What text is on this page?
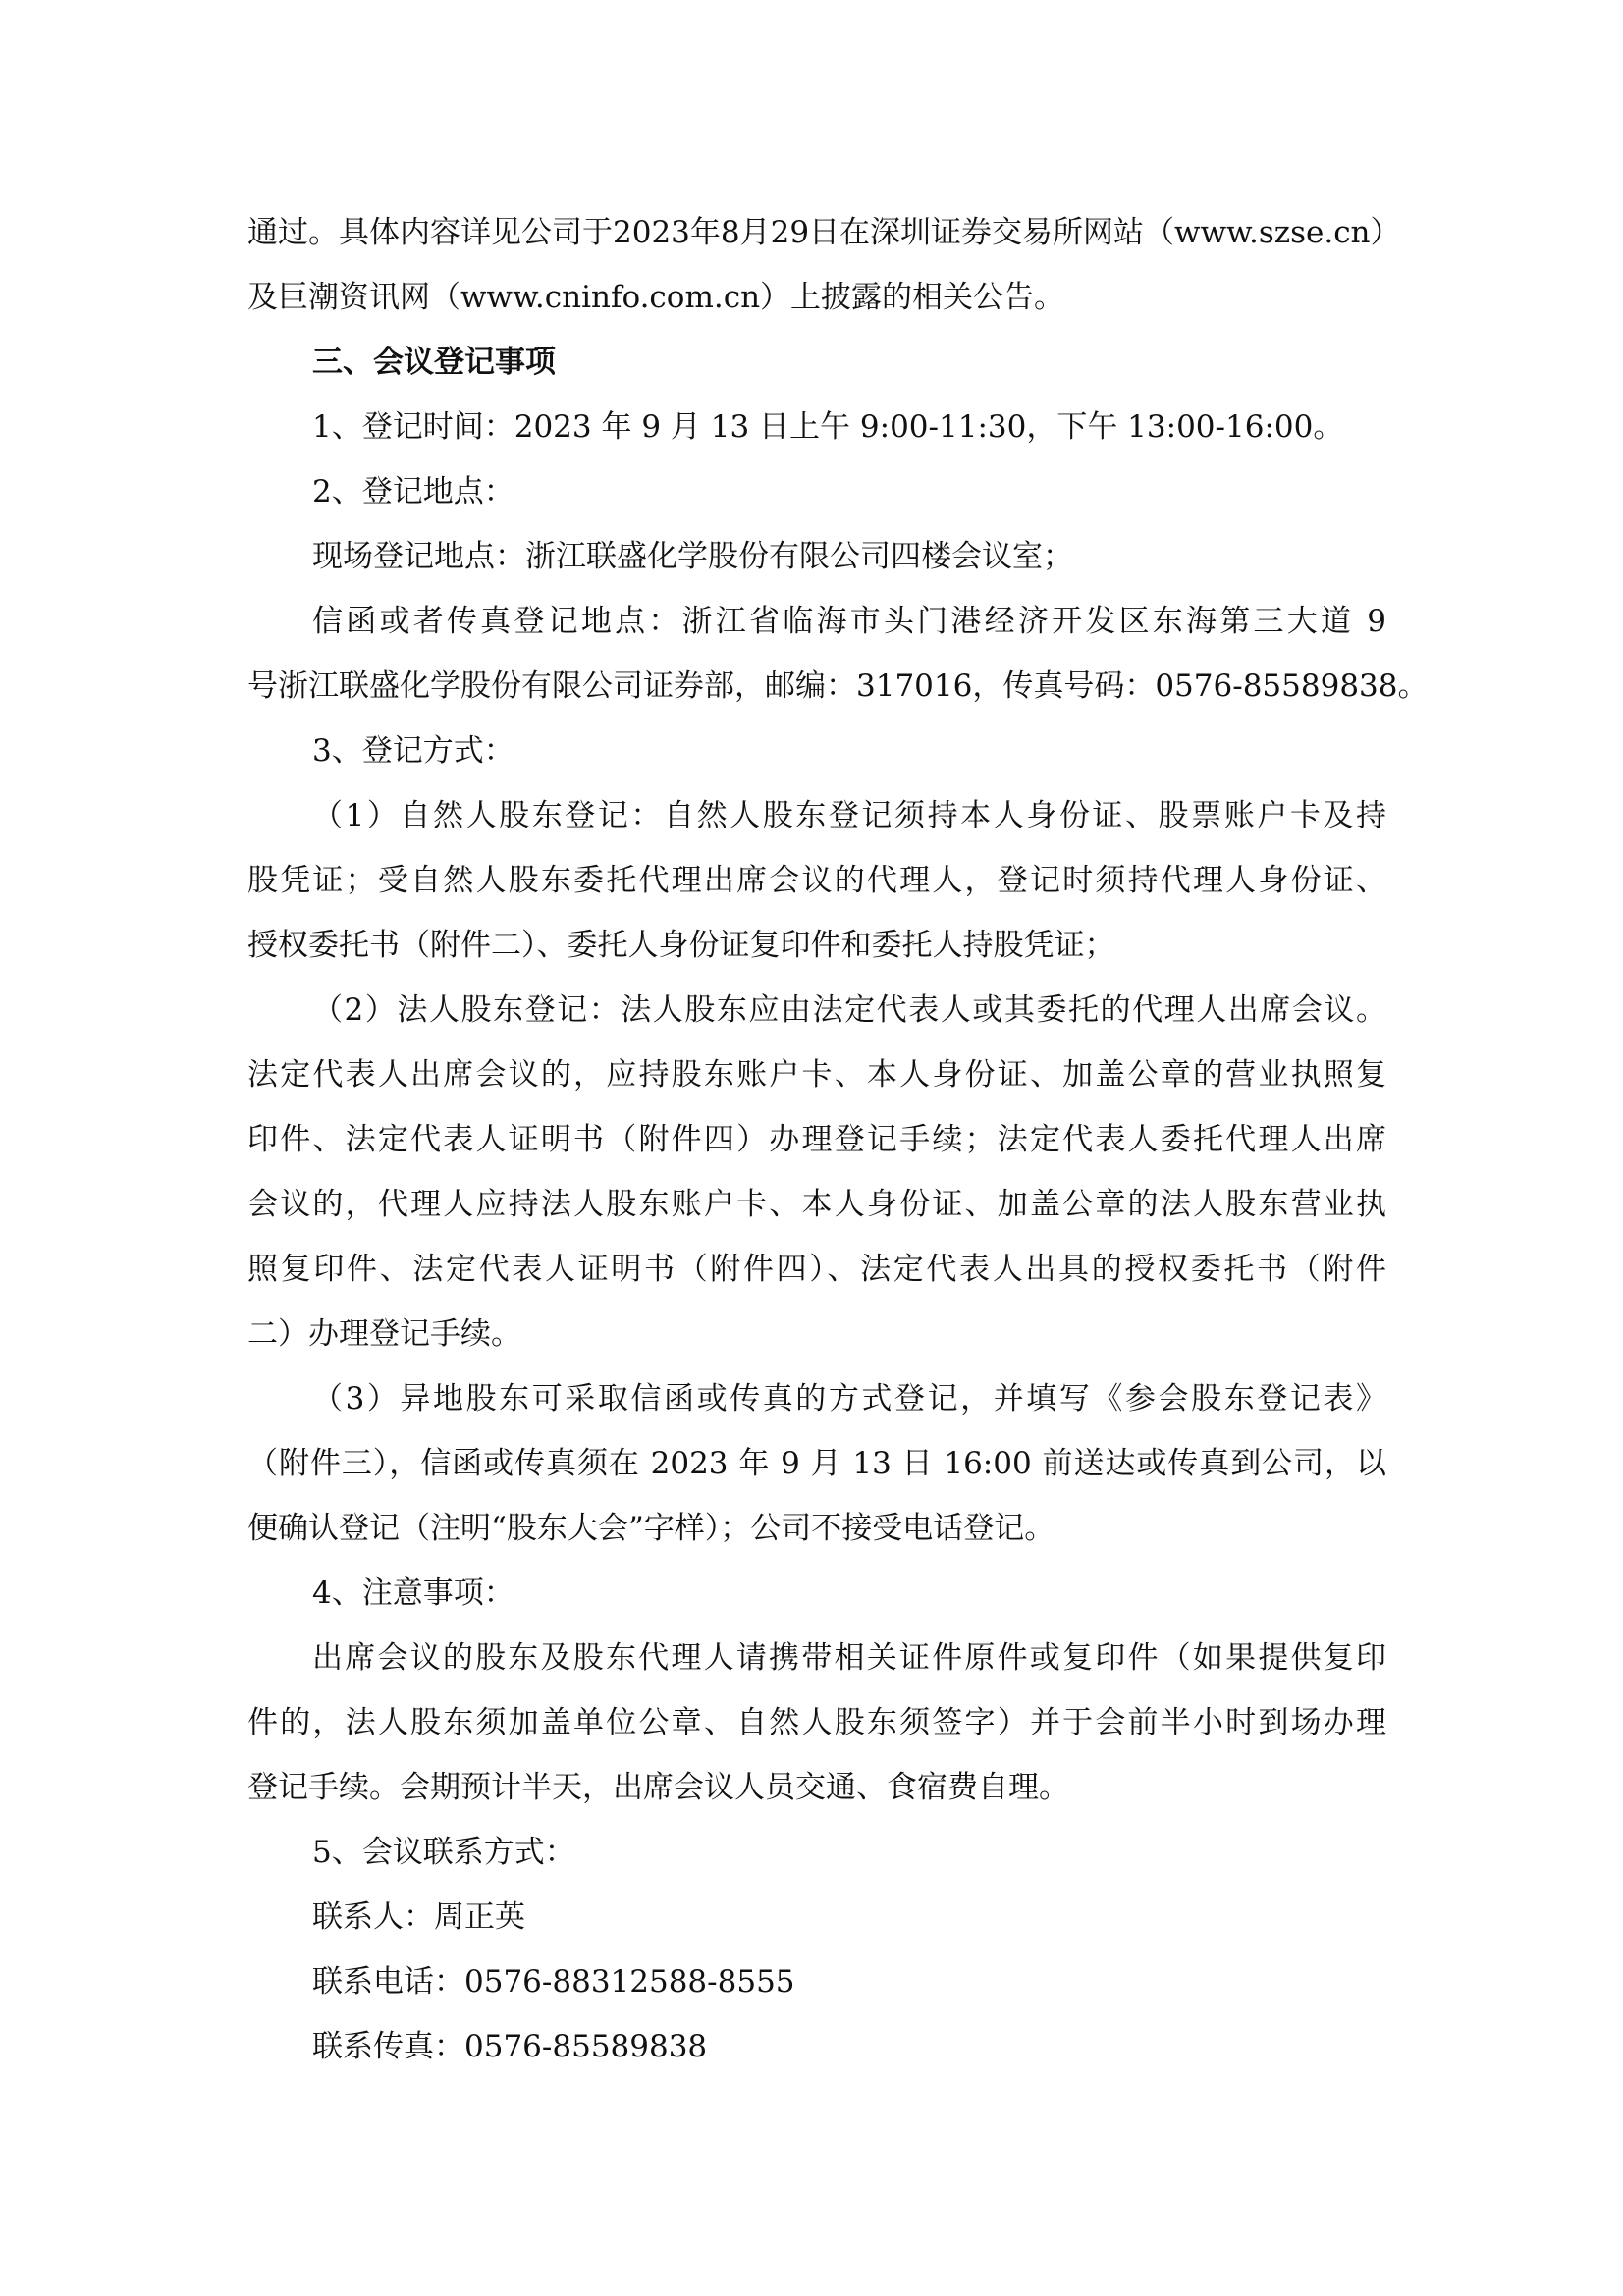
通过。具体内容详见公司于2023年8月29日在深圳证券交易所网站（www.szse.cn）
及巨潮资讯网（www.cninfo.com.cn）上披露的相关公告。
三、会议登记事项
1、登记时间：2023 年 9 月 13 日上午 9:00-11:30，下午 13:00-16:00。
2、登记地点：
现场登记地点：浙江联盛化学股份有限公司四楼会议室；
信函或者传真登记地点：浙江省临海市头门港经济开发区东海第三大道 9
号浙江联盛化学股份有限公司证券部，邮编：317016，传真号码：0576-85589838。
3、登记方式：
（1）自然人股东登记：自然人股东登记须持本人身份证、股票账户卡及持
股凭证；受自然人股东委托代理出席会议的代理人，登记时须持代理人身份证、
授权委托书（附件二）、委托人身份证复印件和委托人持股凭证；
（2）法人股东登记：法人股东应由法定代表人或其委托的代理人出席会议。
法定代表人出席会议的，应持股东账户卡、本人身份证、加盖公章的营业执照复
印件、法定代表人证明书（附件四）办理登记手续；法定代表人委托代理人出席
会议的，代理人应持法人股东账户卡、本人身份证、加盖公章的法人股东营业执
照复印件、法定代表人证明书（附件四）、法定代表人出具的授权委托书（附件
二）办理登记手续。
（3）异地股东可采取信函或传真的方式登记，并填写《参会股东登记表》
（附件三），信函或传真须在 2023 年 9 月 13 日 16:00 前送达或传真到公司，以
便确认登记（注明“股东大会”字样）；公司不接受电话登记。
4、注意事项：
出席会议的股东及股东代理人请携带相关证件原件或复印件（如果提供复印
件的，法人股东须加盖单位公章、自然人股东须签字）并于会前半小时到场办理
登记手续。会期预计半天，出席会议人员交通、食宿费自理。
5、会议联系方式：
联系人：周正英
联系电话：0576-88312588-8555
联系传真：0576-85589838
